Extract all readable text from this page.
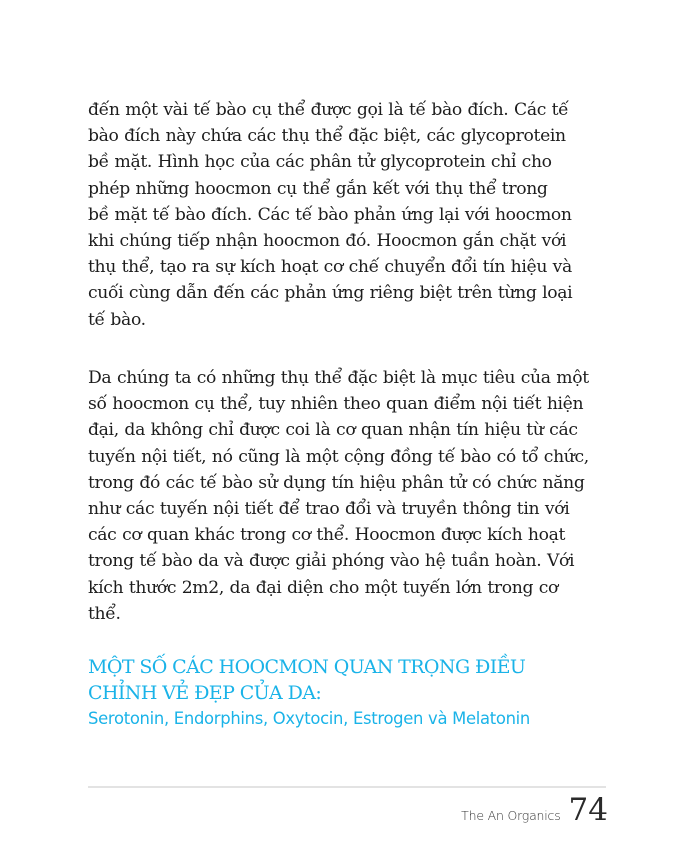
đến một vài tế bào cụ thể được gọi là tế bào đích. Các tế
bào đích này chứa các thụ thể đặc biệt, các glycoprotein
bề mặt. Hình học của các phân tử glycoprotein chỉ cho
phép những hoocmon cụ thể gắn kết với thụ thể trong
bề mặt tế bào đích. Các tế bào phản ứng lại với hoocmon
khi chúng tiếp nhận hoocmon đó. Hoocmon gắn chặt với
thụ thể, tạo ra sự kích hoạt cơ chế chuyển đổi tín hiệu và
cuối cùng dẫn đến các phản ứng riêng biệt trên từng loại
tế bào.
Da chúng ta có những thụ thể đặc biệt là mục tiêu của một
số hoocmon cụ thể, tuy nhiên theo quan điểm nội tiết hiện
đại, da không chỉ được coi là cơ quan nhận tín hiệu từ các
tuyến nội tiết, nó cũng là một cộng đồng tế bào có tổ chức,
trong đó các tế bào sử dụng tín hiệu phân tử có chức năng
như các tuyến nội tiết để trao đổi và truyền thông tin với
các cơ quan khác trong cơ thể. Hoocmon được kích hoạt
trong tế bào da và được giải phóng vào hệ tuần hoàn. Với
kích thước 2m2, da đại diện cho một tuyến lớn trong cơ
thể.
MỘT SỐ CÁC HOOCMON QUAN TRỌNG ĐIỀU
CHỈNH VẺ ĐẸP CỦA DA:
Serotonin, Endorphins, Oxytocin, Estrogen và Melatonin
The An Organics 74
